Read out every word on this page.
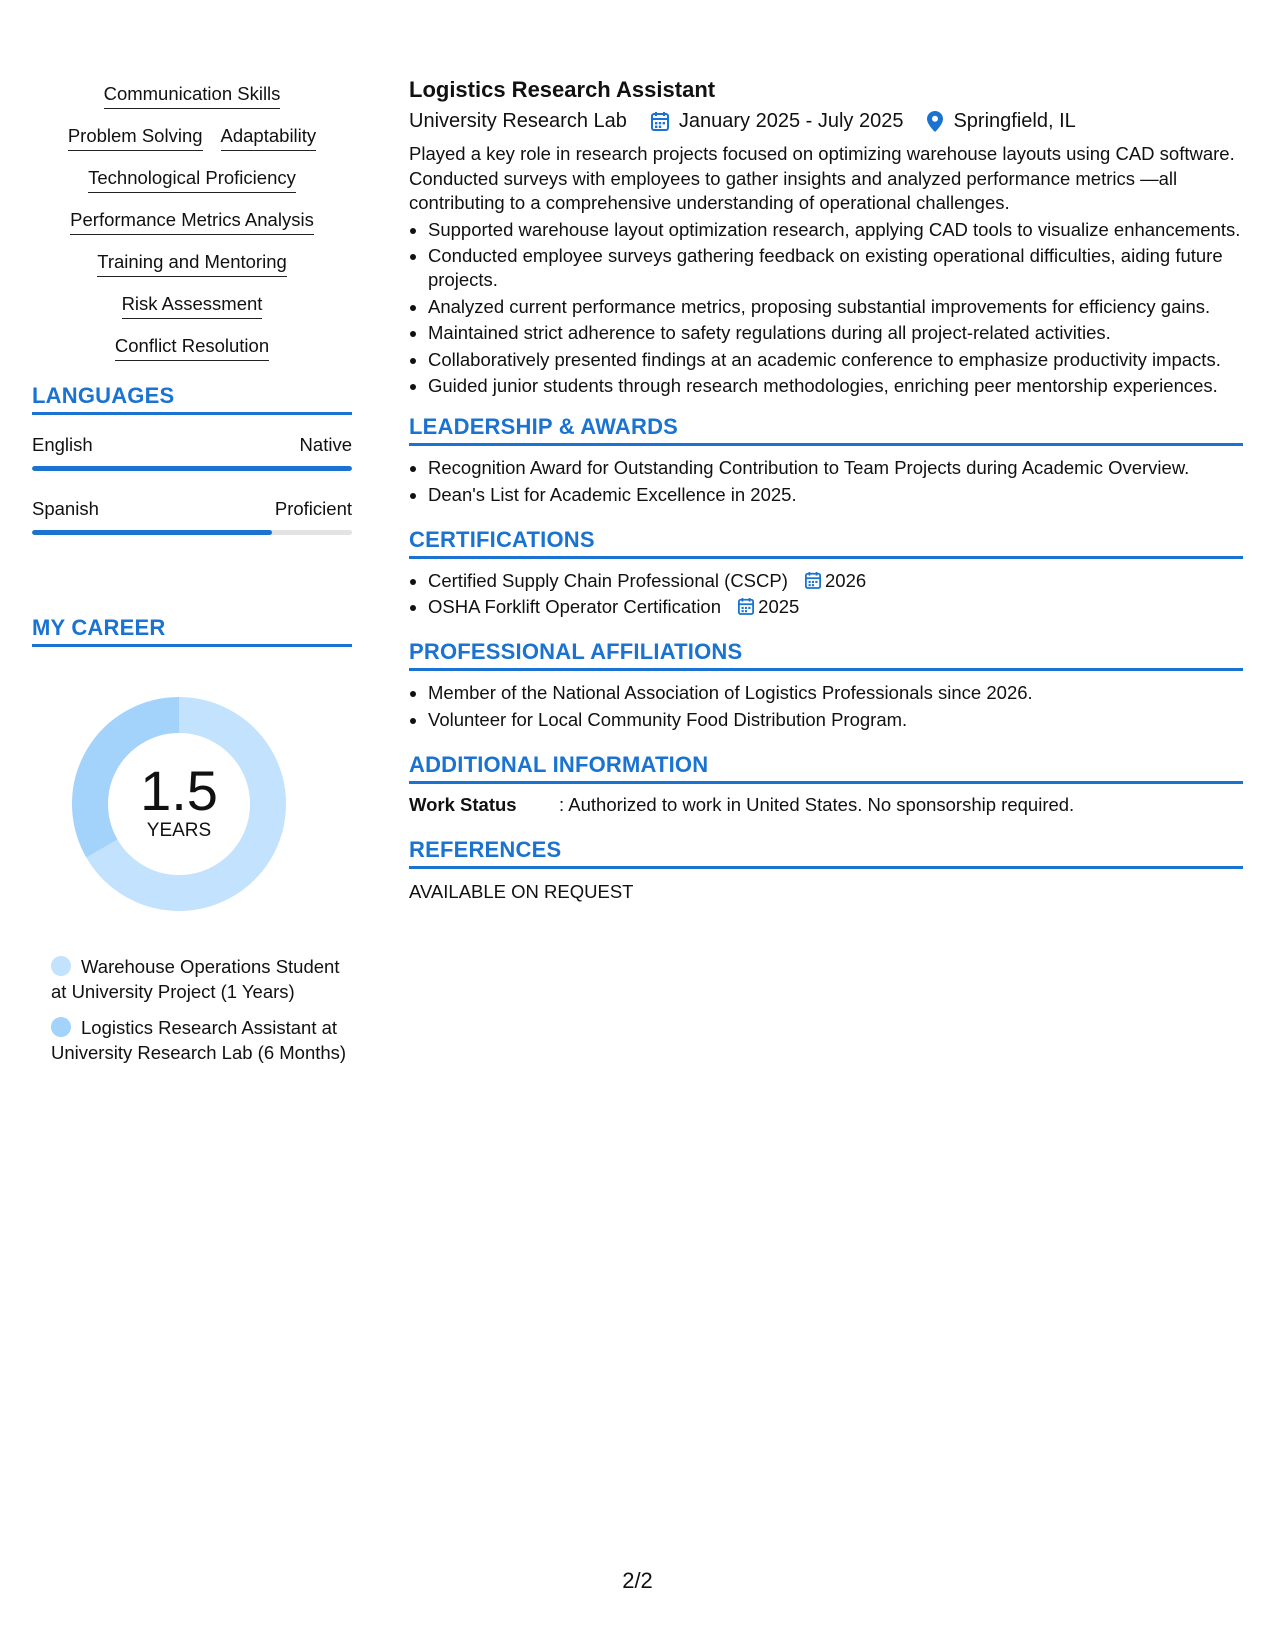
Communication Skills
Problem Solving Adaptability
Technological Proficiency
Performance Metrics Analysis
Training and Mentoring
Risk Assessment
Conflict Resolution
LANGUAGES
English	Native
Spanish	Proficient
MY CAREER
1.5
YEARS
Warehouse Operations Student at University Project (1 Years)
Logistics Research Assistant at University Research Lab (6 Months)
Logistics Research Assistant
University Research Lab	January 2025 - July 2025	Springfield, IL
Played a key role in research projects focused on optimizing warehouse layouts using CAD software. Conducted surveys with employees to gather insights and analyzed performance metrics —all contributing to a comprehensive understanding of operational challenges.
• Supported warehouse layout optimization research, applying CAD tools to visualize enhancements.
• Conducted employee surveys gathering feedback on existing operational difficulties, aiding future projects.
• Analyzed current performance metrics, proposing substantial improvements for efficiency gains.
• Maintained strict adherence to safety regulations during all project-related activities.
• Collaboratively presented findings at an academic conference to emphasize productivity impacts.
• Guided junior students through research methodologies, enriching peer mentorship experiences.
LEADERSHIP & AWARDS
• Recognition Award for Outstanding Contribution to Team Projects during Academic Overview.
• Dean's List for Academic Excellence in 2025.
CERTIFICATIONS
• Certified Supply Chain Professional (CSCP) 2026
• OSHA Forklift Operator Certification 2025
PROFESSIONAL AFFILIATIONS
• Member of the National Association of Logistics Professionals since 2026.
• Volunteer for Local Community Food Distribution Program.
ADDITIONAL INFORMATION
Work Status	: Authorized to work in United States. No sponsorship required.
REFERENCES
AVAILABLE ON REQUEST
2/2
